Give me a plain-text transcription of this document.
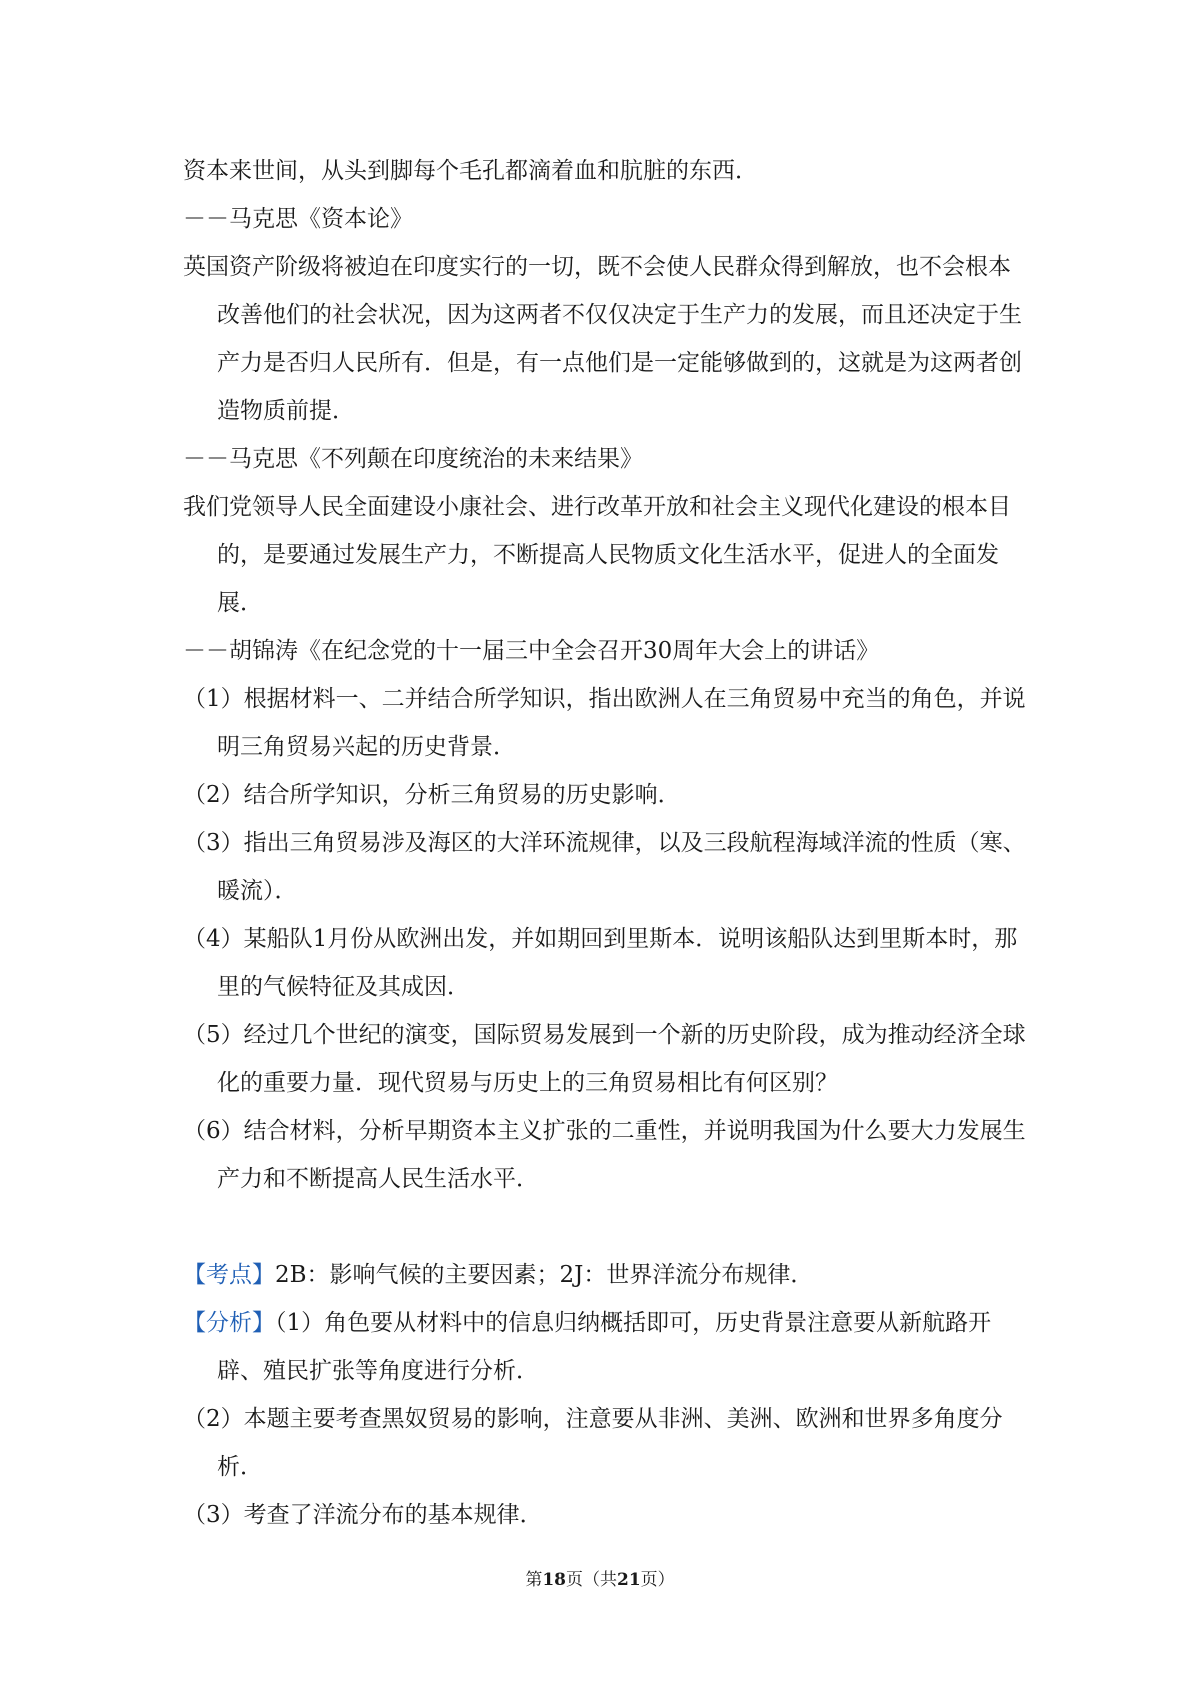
资本来世间，从头到脚每个毛孔都滴着血和肮脏的东西．

－－马克思《资本论》

英国资产阶级将被迫在印度实行的一切，既不会使人民群众得到解放，也不会根本改善他们的社会状况，因为这两者不仅仅决定于生产力的发展，而且还决定于生产力是否归人民所有．但是，有一点他们是一定能够做到的，这就是为这两者创造物质前提．

－－马克思《不列颠在印度统治的未来结果》

我们党领导人民全面建设小康社会、进行改革开放和社会主义现代化建设的根本目的，是要通过发展生产力，不断提高人民物质文化生活水平，促进人的全面发展．

－－胡锦涛《在纪念党的十一届三中全会召开30周年大会上的讲话》

（1）根据材料一、二并结合所学知识，指出欧洲人在三角贸易中充当的角色，并说明三角贸易兴起的历史背景．

（2）结合所学知识，分析三角贸易的历史影响．

（3）指出三角贸易涉及海区的大洋环流规律，以及三段航程海域洋流的性质（寒、暖流）．

（4）某船队1月份从欧洲出发，并如期回到里斯本．说明该船队达到里斯本时，那里的气候特征及其成因．

（5）经过几个世纪的演变，国际贸易发展到一个新的历史阶段，成为推动经济全球化的重要力量．现代贸易与历史上的三角贸易相比有何区别？

（6）结合材料，分析早期资本主义扩张的二重性，并说明我国为什么要大力发展生产力和不断提高人民生活水平．

【考点】2B：影响气候的主要因素；2J：世界洋流分布规律．

【分析】（1）角色要从材料中的信息归纳概括即可，历史背景注意要从新航路开辟、殖民扩张等角度进行分析．

（2）本题主要考查黑奴贸易的影响，注意要从非洲、美洲、欧洲和世界多角度分析．

（3）考查了洋流分布的基本规律．

第18页（共21页）
